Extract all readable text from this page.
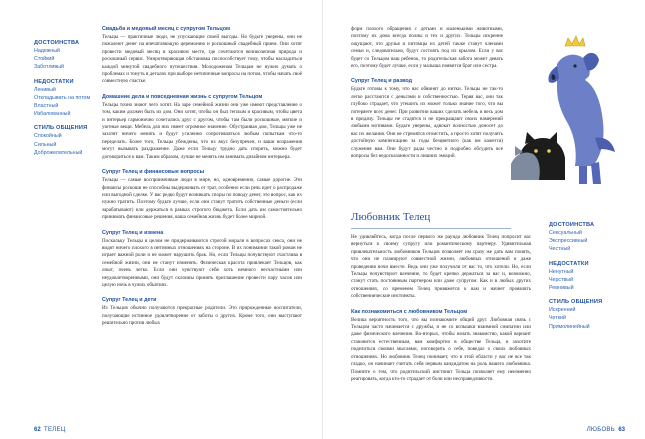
ДОСТОИНСТВА
Надежный
Стойкий
Заботливый
НЕДОСТАТКИ
Ленивый
Откладывать на потом
Властный
Избалованный
СТИЛЬ ОБЩЕНИЯ
Спокойный
Сильный
Доброжелательный
Свадьба и медовый месяц с супругом Тельцом

Тельцы — практичные люди, не упускающие своей выгоды. Но будьте уверены, они не пожалеют денег на впечатляющую церемонию и роскошный свадебный прием. Они хотят провести медовый месяц в красивом месте, где сочетаются великолепная природа и роскошный сервис. Умиротворяющая обстановка поспособствует тому, чтобы насладиться каждой минутой свадебного путешествия. Молодоженам Тельцам не нужно думать о проблемах и тонуть в деталях при выборе нетипичные вопросы на потом, чтобы начать своё совместную счастье.

Домашние дела и повседневная жизнь с супругом Тельцом

Тельцы точно знают чего хотят. На заре семейной жизни они уже имеют представление о том, каким должен быть их дом. Они хотят, чтобы он был теплым и красивым, чтобы цвета и интерьер гармонично сочетались друг с другом, чтобы там были роскошные, мягкие и уютные вещи. Мебель для них имеет огромное значение. Обустраивая дом, Тельцы уже не захотят ничего менять и будут усиленно сопротивляться любым попыткам что-то переделать. Более того, Тельцы убеждены, что их вкус безупречен, и ваши возражения могут вызывать раздражение. Даже если Тельцу трудно дать спорить, можно будет договориться к вам. Таким образом, лучше не менять им занимать дизайном интерьера.

Супруг Телец и финансовые вопросы

Тельцы — самые восприимчивые люди в мире, но, одновременно, самые дорогие. Эти финансы роскоши не способны выдерживать от трат, особенно если речь идет о распродаже или выгодной сделке. У вас редко будут возникать споры по поводу денег, это вопрос, как их нужно тратить. Поэтому будьте лучше, если они станут тратить собственные деньги (если зарабатывают) или держаться в рамках строгого бюджета. Если дать им самостоятельно принимать финансовые решения, ваша семейная жизнь будет более мирной.

Супруг Телец и измена

Поскольку Тельцы в целом не придерживаются строгой морали в вопросах секса, они не видят ничего плохого в интимных отношениях на стороне. В их понимании такой роман не играет важной роли и не может нарушить брак. Но, если Тельцы почувствуют счастлива в семейной жизни, они не станут изменять. Физическая красота привлекает Тельцов, как опыт, очень легко. Если они чувствуют себя хоть немного несчастными или неудовлетворенными, они будут склонны принять приглашение провести пару часов или целую ночь в чужих объятиях.

Супруг Телец и дети

Из Тельцов обычно получаются прекрасные родители. Это прирожденные воспитатели, получающие истинное удовлетворение от заботы о других. Кроме того, они выступают решительно против любых

62 ТЕЛЕЦ

форм плохого обращения с детьми и маленькими животными, поэтому их дома всегда полны и тех и других. Тельцы искренне ощущают, что друзья и питомцы их детей также станут членами семьи и, следовательно, будут состоять под их крылом. Если у вас будет со Тельцом ваш ребенок, то родительская забота может девать его, поэтому будет лучше, если у малыша появится брат или сестра.

Супруг Телец и развод

Будьте готовы к тому, что вас обвинят до нитки. Тельцы не так-то легко расстаются с деньгами и собственностью. Теряя вас, они так глубоко страдает, что утешить их может только знание того, что вы потеряете всех денег. При развитии ваших сделать мебель и весь дом в придачу. Тельцы не сгадятся и не прекращают своих намерений любыми мотивами. Будьте уверены, адвокат полностью доносет до вас их желания. Они не стремятся отомстить, а просто хотят получить достойную компенсацию за годы безцветного (как им кажется) служения вам. Они будут рады честно и подробно обсудить все вопросы без недосказанности и лишних эмоций.

Любовник Телец

Не удивляйтесь, когда после первого же раунда любовник Телец попросит вас вернуться к своему супругу или романтическому партнеру. Удивительная привлекательность любовников Тельцов позволяет им сразу же дать вам понять, что они не планируют совместной жизни, любовных отношений и даже проведения ночи вместе. Ведь они уже получили от вас то, что хотели. Но, если Тельцы почувствуют влечение, то будет крепко держаться за вас и, возможно, станут стать постоянным партнером или даже супругом. Как и в любых других отношениях, со временем Телец привяжется к вам и начнет проявлять собственнические инстинкты.

Как познакомиться с любовником Тельцом

Велика вероятность того, что вы познакомите общий друг. Любовная связь с Тельцом часто начинается с дружбы, и не со вспышки взаимной симпатии или даже физического влечения. Во-вторых, чтобы начать знакомство, какой вариант становится естественным, вам комфортно в обществе Тельца, и захотите поделиться своими мыслями, поговорить о себе, поведал о своих любовных отношениях. Но любовник Телец понимает, что в этой области у вас не все так гладко, он начинает считать себя первым кандидатом на роль вашего любовника. Помните о том, что родительский инстинкт Тельца позволяет ему неизменно реагировать, когда кто-то страдает от боли или несправедливости.

ДОСТОИНСТВА
Сексуальный
Экспрессивный
Честный
НЕДОСТАТКИ
Ненутный
Черствый
Ревнивый
СТИЛЬ ОБЩЕНИЯ
Искренний
Четкий
Прямолинейный
ЛЮБОВЬ 63
